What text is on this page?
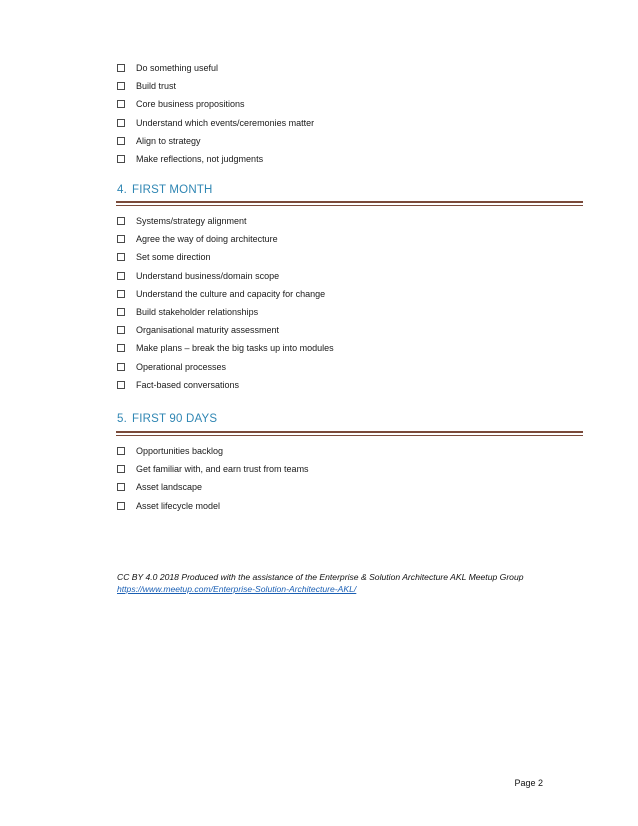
Do something useful
Build trust
Core business propositions
Understand which events/ceremonies matter
Align to strategy
Make reflections, not judgments
4. FIRST MONTH
Systems/strategy alignment
Agree the way of doing architecture
Set some direction
Understand business/domain scope
Understand the culture and capacity for change
Build stakeholder relationships
Organisational maturity assessment
Make plans – break the big tasks up into modules
Operational processes
Fact-based conversations
5. FIRST 90 DAYS
Opportunities backlog
Get familiar with, and earn trust from teams
Asset landscape
Asset lifecycle model
CC BY 4.0 2018 Produced with the assistance of the Enterprise & Solution Architecture AKL Meetup Group
https://www.meetup.com/Enterprise-Solution-Architecture-AKL/
Page 2
